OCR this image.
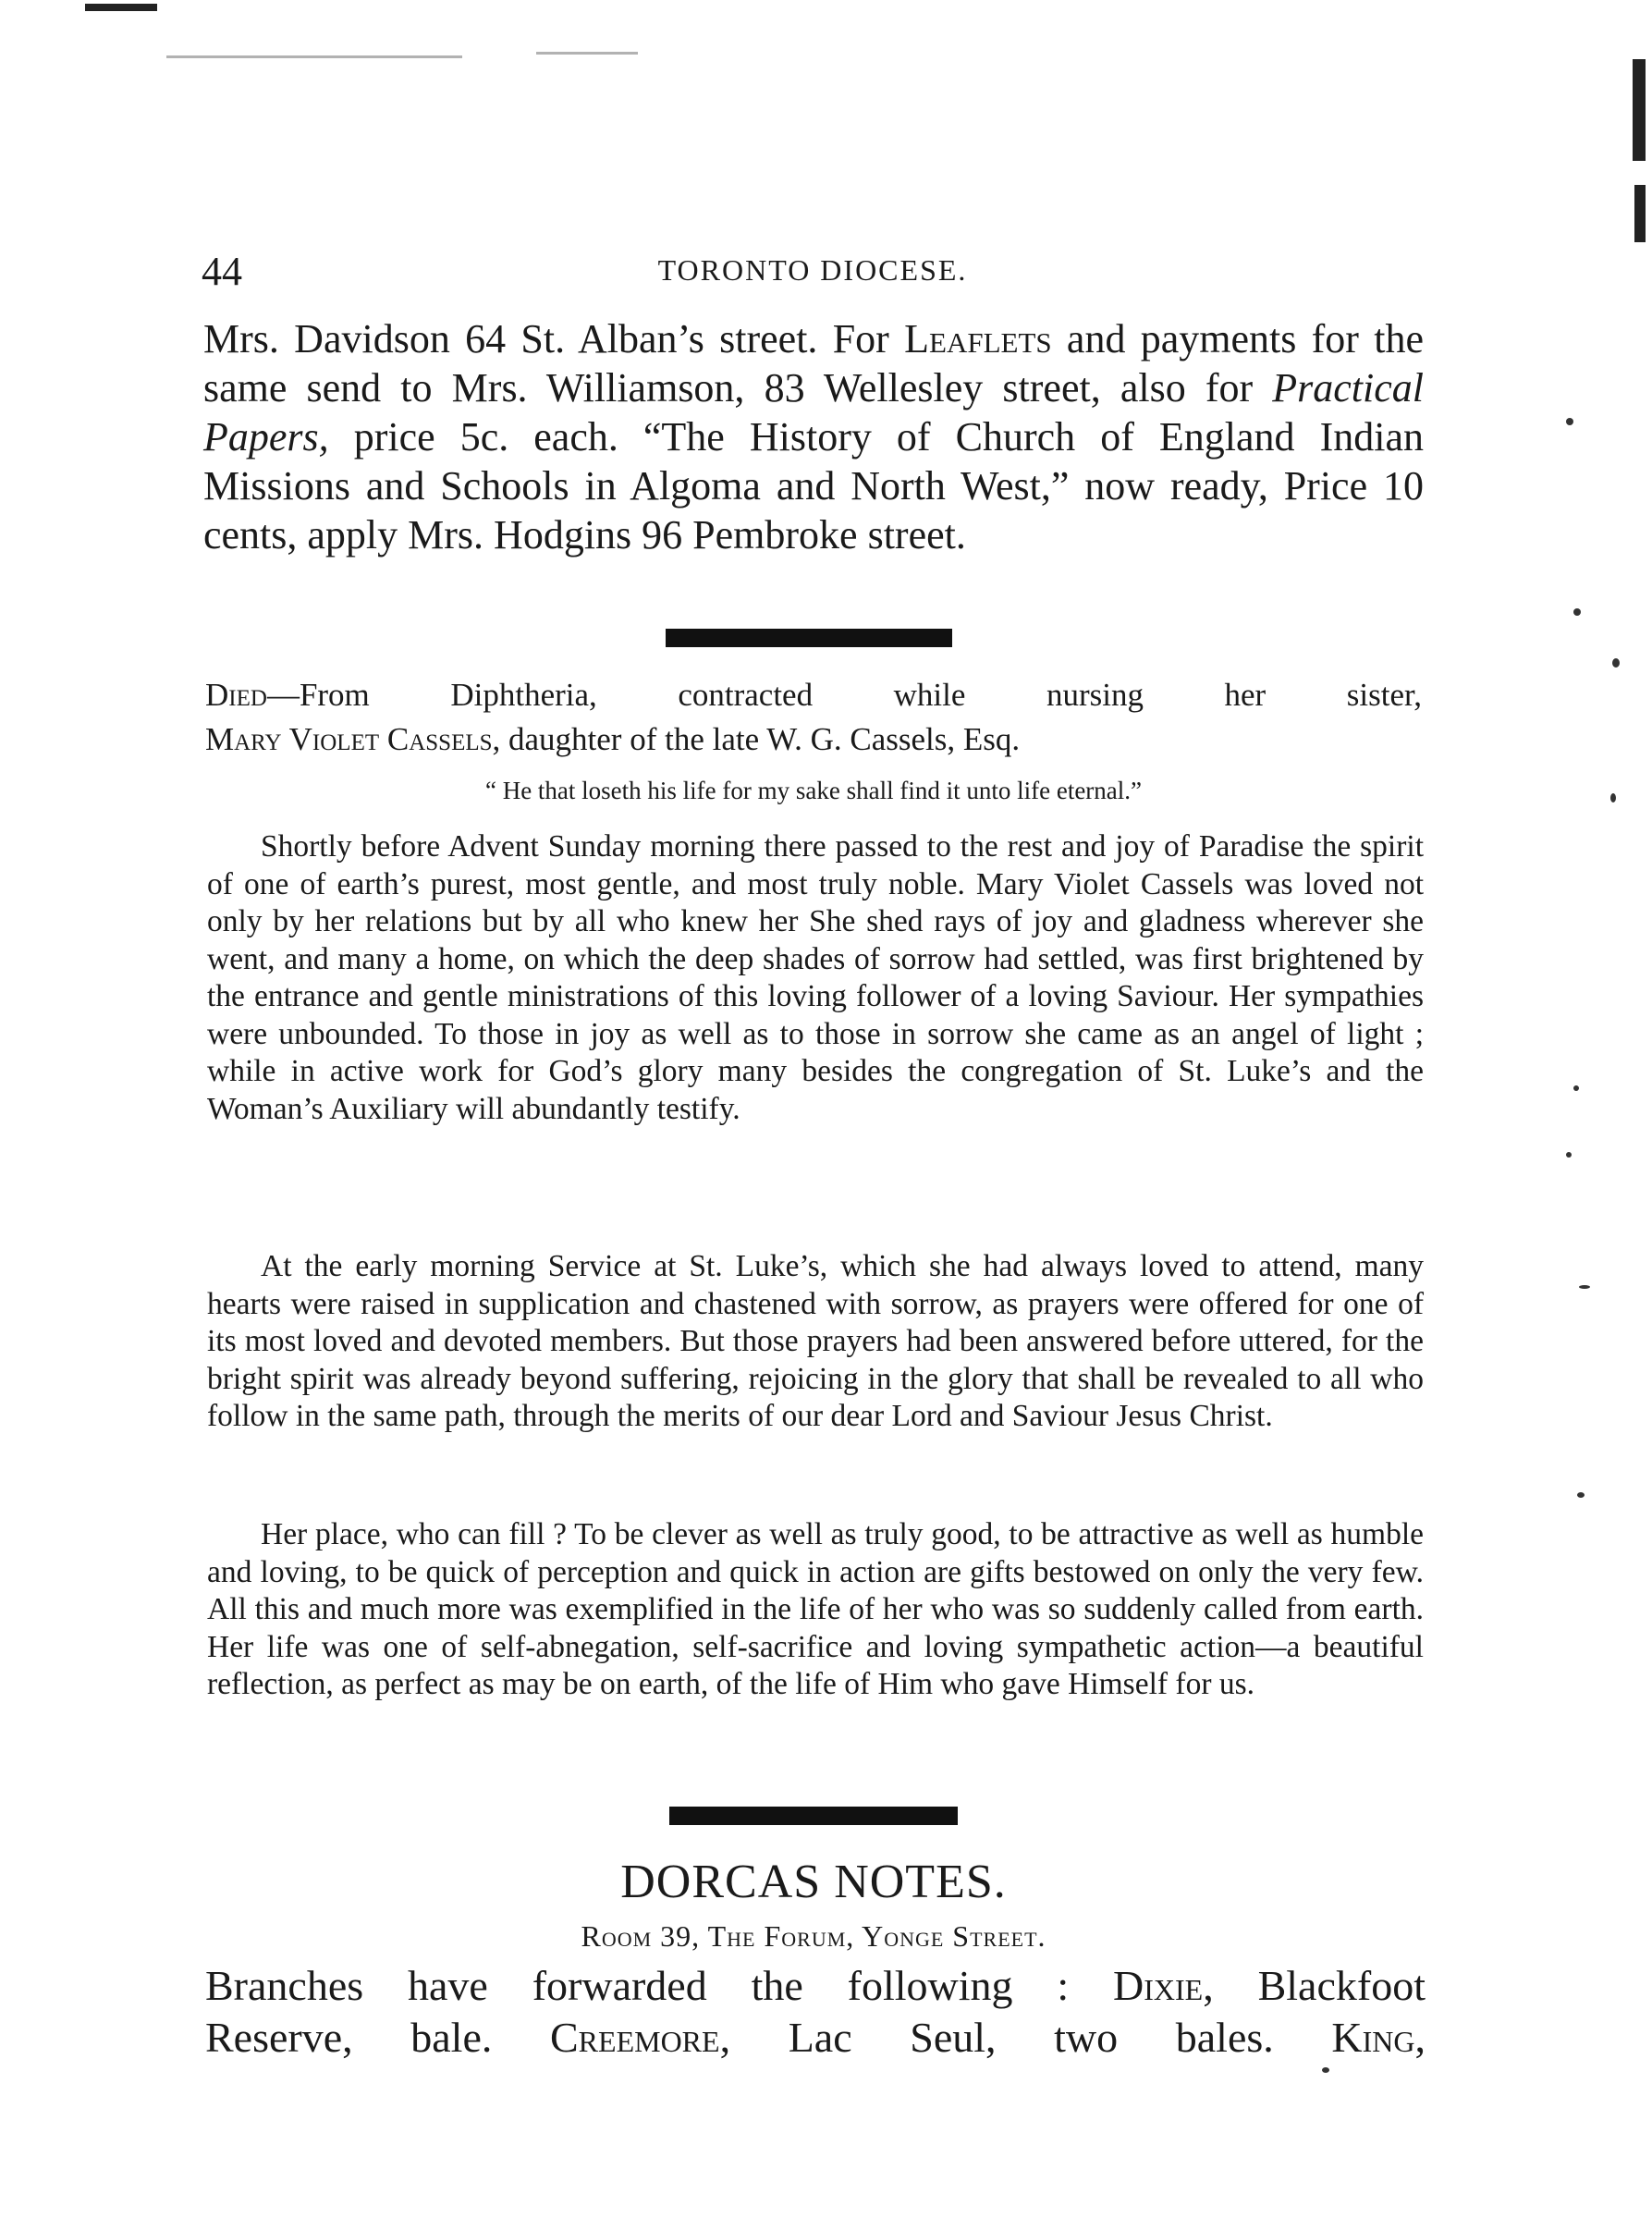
44	TORONTO DIOCESE.
Mrs. Davidson 64 St. Alban’s street. For Leaflets and payments for the same send to Mrs. Williamson, 83 Wellesley street, also for Practical Papers, price 5c. each. “The History of Church of England Indian Missions and Schools in Algoma and North West,” now ready, Price 10 cents, apply Mrs. Hodgins 96 Pembroke street.
Died—From Diphtheria, contracted while nursing her sister,
Mary Violet Cassels, daughter of the late W. G. Cassels, Esq.
“ He that loseth his life for my sake shall find it unto life eternal.”
Shortly before Advent Sunday morning there passed to the rest and joy of Paradise the spirit of one of earth’s purest, most gentle, and most truly noble. Mary Violet Cassels was loved not only by her relations but by all who knew her She shed rays of joy and gladness wherever she went, and many a home, on which the deep shades of sorrow had settled, was first brightened by the entrance and gentle ministrations of this loving follower of a loving Saviour. Her sympathies were unbounded. To those in joy as well as to those in sorrow she came as an angel of light ; while in active work for God’s glory many besides the congregation of St. Luke’s and the Woman’s Auxiliary will abundantly testify.
At the early morning Service at St. Luke’s, which she had always loved to attend, many hearts were raised in supplication and chastened with sorrow, as prayers were offered for one of its most loved and devoted members. But those prayers had been answered before uttered, for the bright spirit was already beyond suffering, rejoicing in the glory that shall be revealed to all who follow in the same path, through the merits of our dear Lord and Saviour Jesus Christ.
Her place, who can fill ? To be clever as well as truly good, to be attractive as well as humble and loving, to be quick of perception and quick in action are gifts bestowed on only the very few. All this and much more was exemplified in the life of her who was so suddenly called from earth. Her life was one of self-abnegation, self-sacrifice and loving sympathetic action—a beautiful reflection, as perfect as may be on earth, of the life of Him who gave Himself for us.
DORCAS NOTES.
Room 39, The Forum, Yonge Street.
Branches have forwarded the following : Dixie, Blackfoot
Reserve, bale. Creemore, Lac Seul, two bales. King,
